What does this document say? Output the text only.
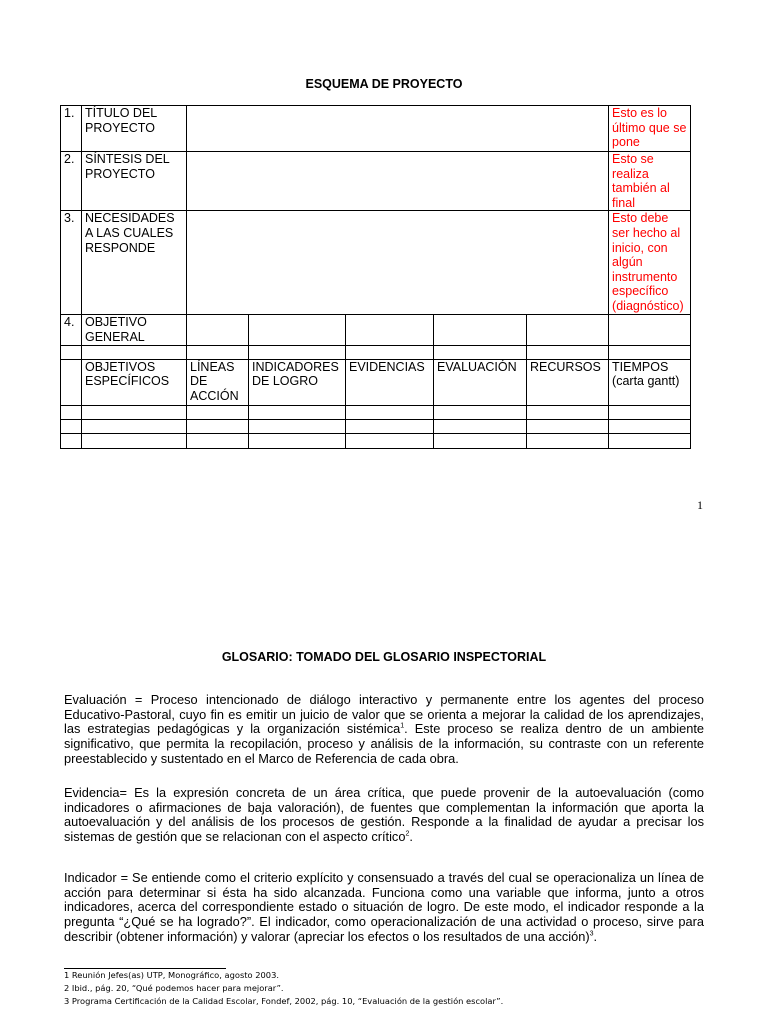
ESQUEMA DE PROYECTO
1.	TÍTULO DEL PROYECTO						Esto es lo último que se pone
2.	SÍNTESIS DEL PROYECTO						Esto se realiza también al final
3.	NECESIDADES A LAS CUALES RESPONDE						Esto debe ser hecho al inicio, con algún instrumento específico (diagnóstico)
4.	OBJETIVO GENERAL						

	OBJETIVOS ESPECÍFICOS	LÍNEAS DE ACCIÓN	INDICADORES DE LOGRO	EVIDENCIAS	EVALUACIÓN	RECURSOS	TIEMPOS (carta gantt)

1
GLOSARIO: TOMADO DEL GLOSARIO INSPECTORIAL
Evaluación = Proceso intencionado de diálogo interactivo y permanente entre los agentes del proceso Educativo-Pastoral, cuyo fin es emitir un juicio de valor que se orienta a mejorar la calidad de los aprendizajes, las estrategias pedagógicas y la organización sistémica$^1$. Este proceso se realiza dentro de un ambiente significativo, que permita la recopilación, proceso y análisis de la información, su contraste con un referente preestablecido y sustentado en el Marco de Referencia de cada obra.
Evidencia= Es la expresión concreta de un área crítica, que puede provenir de la autoevaluación (como indicadores o afirmaciones de baja valoración), de fuentes que complementan la información que aporta la autoevaluación y del análisis de los procesos de gestión. Responde a la finalidad de ayudar a precisar los sistemas de gestión que se relacionan con el aspecto crítico$^2$.
Indicador = Se entiende como el criterio explícito y consensuado a través del cual se operacionaliza un línea de acción para determinar si ésta ha sido alcanzada. Funciona como una variable que informa, junto a otros indicadores, acerca del correspondiente estado o situación de logro. De este modo, el indicador responde a la pregunta “¿Qué se ha logrado?”. El indicador, como operacionalización de una actividad o proceso, sirve para describir (obtener información) y valorar (apreciar los efectos o los resultados de una acción)$^3$.
1 Reunión Jefes(as) UTP, Monográfico, agosto 2003.
2 Ibid., pág. 20, “Qué podemos hacer para mejorar”.
3 Programa Certificación de la Calidad Escolar, Fondef, 2002, pág. 10, “Evaluación de la gestión escolar”.
